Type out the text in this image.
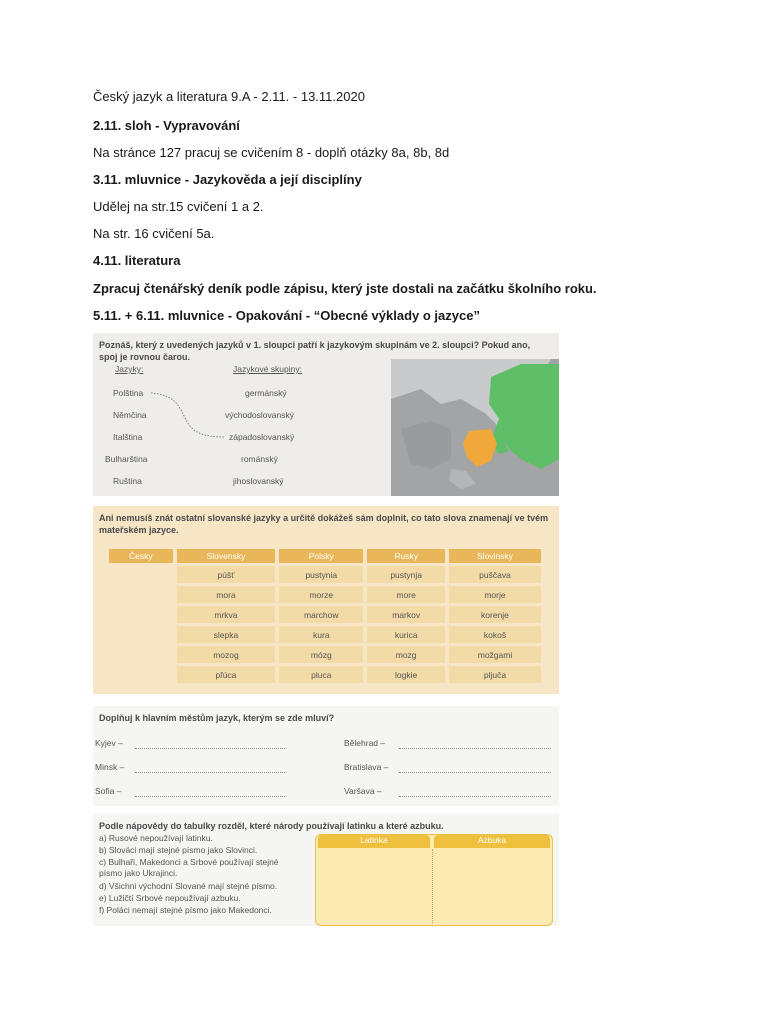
Český jazyk a literatura 9.A - 2.11. - 13.11.2020
2.11. sloh - Vypravování
Na stránce 127 pracuj se cvičením 8 - doplň otázky 8a, 8b, 8d
3.11. mluvnice - Jazykověda a její disciplíny
Udělej na str.15 cvičení 1 a 2.
Na str. 16 cvičení 5a.
4.11. literatura
Zpracuj čtenářský deník podle zápisu, který jste dostali na začátku školního roku.
5.11. + 6.11. mluvnice - Opakování - “Obecné výklady o jazyce”
Poznáš, který z uvedených jazyků v 1. sloupci patří k jazykovým skupinám ve 2. sloupci? Pokud ano, spoj je rovnou čarou.
Jazyky:	Jazykové skupiny:
Polština
Němčina
Italština
Bulharština
Ruština
germánský
východoslovanský
západoslovanský
románský
jihoslovanský
Ani nemusíš znát ostatní slovanské jazyky a určitě dokážeš sám doplnit, co tato slova znamenají ve tvém mateřském jazyce.
Česky	Slovensky	Polsky	Rusky	Slovinsky
	púšť	pustynia	pustynja	puščava
	mora	morze	more	morje
	mrkva	marchow	markov	korenje
	slepka	kura	kurica	kokoš
	mozog	mózg	mozg	možgami
	pľúca	pluca	logkie	pljuča
Doplňuj k hlavním městům jazyk, kterým se zde mluví?
Kyjev –
Minsk –
Sofia –
Bělehrad –
Bratislava –
Varšava –
Podle nápovědy do tabulky rozděl, které národy používají latinku a které azbuku.
a) Rusové nepoužívají latinku.
b) Slováci mají stejné písmo jako Slovinci.
c) Bulhaři, Makedonci a Srbové používají stejné písmo jako Ukrajinci.
d) Všichni východní Slované mají stejné písmo.
e) Lužičtí Srbové nepoužívají azbuku.
f) Poláci nemají stejné písmo jako Makedonci.
Latinka	Azbuka
